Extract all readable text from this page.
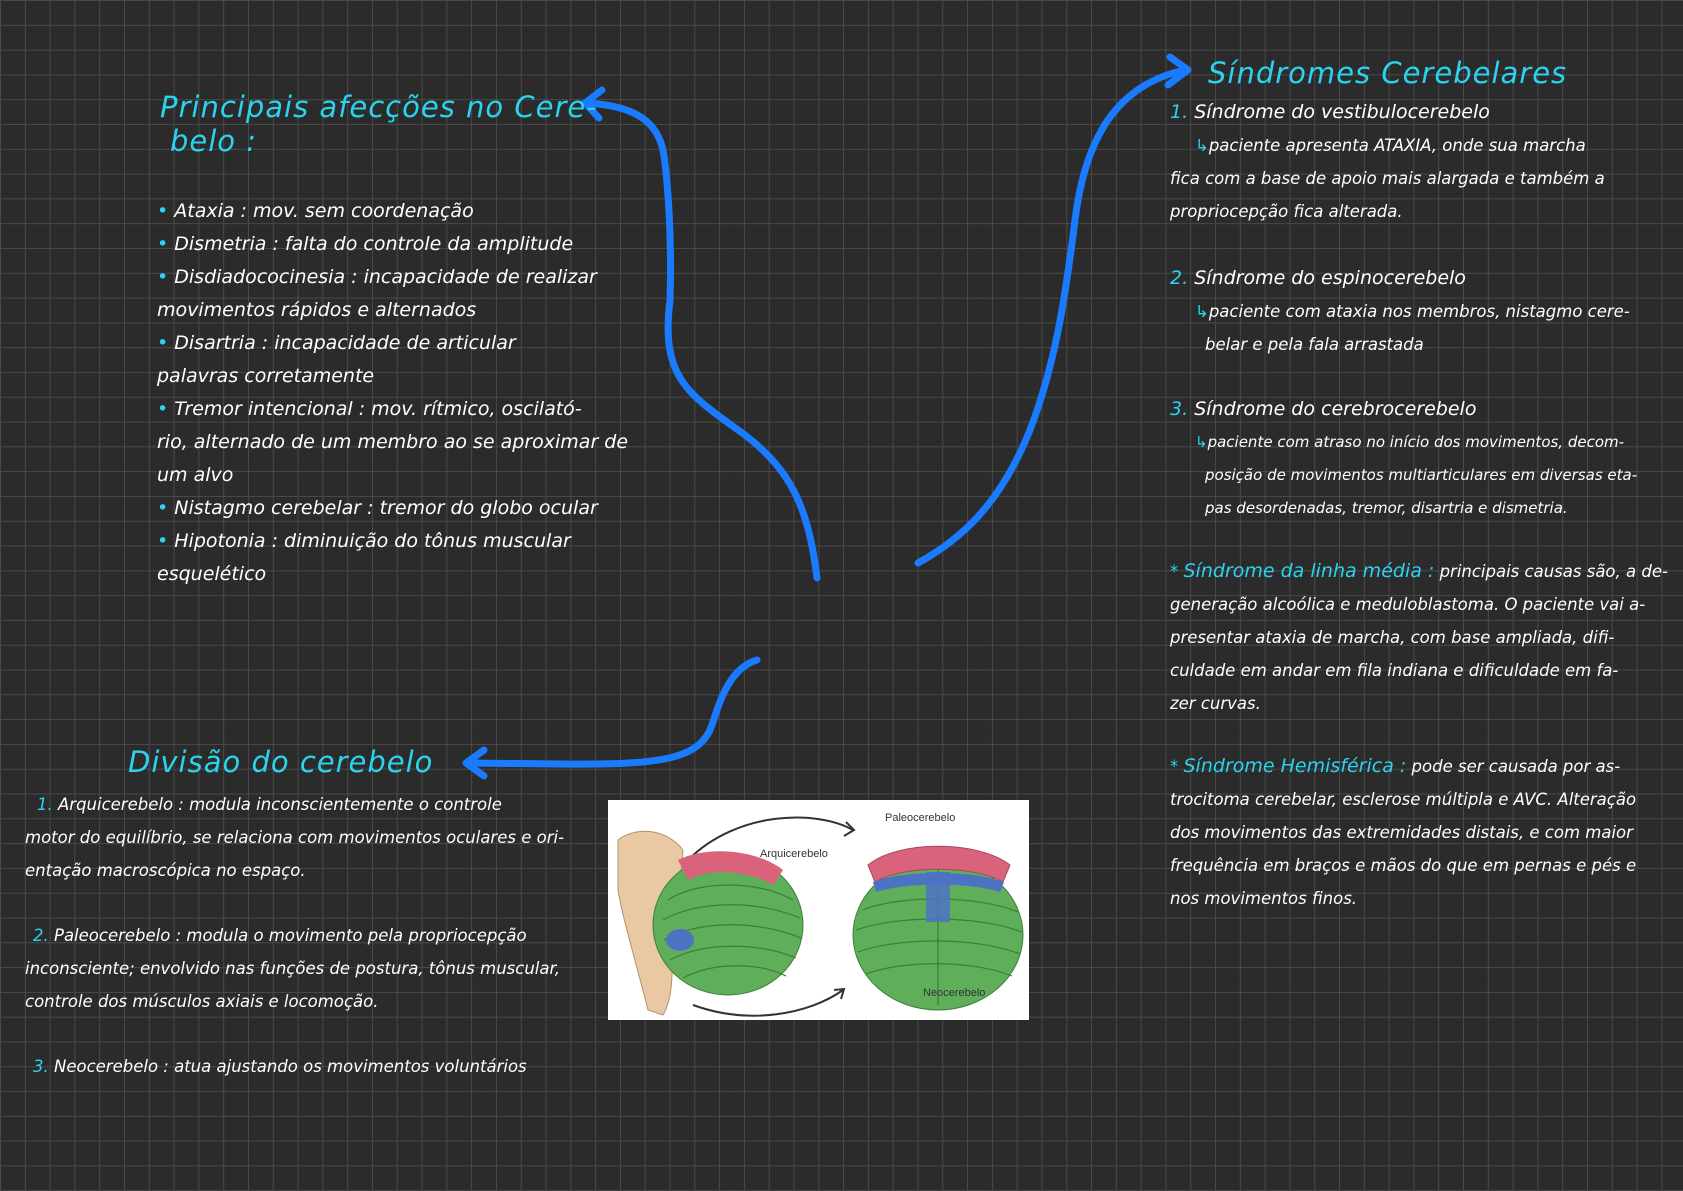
Principais afecções no Cere-
belo :
• Ataxia : mov. sem coordenação
• Dismetria : falta do controle da amplitude
• Disdiadococinesia : incapacidade de realizar
movimentos rápidos e alternados
• Disartria : incapacidade de articular
palavras corretamente
• Tremor intencional : mov. rítmico, oscilató-
rio, alternado de um membro ao se aproximar de
um alvo
• Nistagmo cerebelar : tremor do globo ocular
• Hipotonia : diminuição do tônus muscular
esquelético
Divisão do cerebelo
1. Arquicerebelo : modula inconscientemente o controle
motor do equilíbrio, se relaciona com movimentos oculares e ori-
entação macroscópica no espaço.
2. Paleocerebelo : modula o movimento pela propriocepção
inconsciente; envolvido nas funções de postura, tônus muscular,
controle dos músculos axiais e locomoção.
3. Neocerebelo : atua ajustando os movimentos voluntários
Paleocerebelo
Arquicerebelo
Neocerebelo
Síndromes Cerebelares
1. Síndrome do vestibulocerebelo
↳paciente apresenta ATAXIA, onde sua marcha
fica com a base de apoio mais alargada e também a
propriocepção fica alterada.
2. Síndrome do espinocerebelo
↳paciente com ataxia nos membros, nistagmo cere-
belar e pela fala arrastada
3. Síndrome do cerebrocerebelo
↳paciente com atraso no início dos movimentos, decom-
posição de movimentos multiarticulares em diversas eta-
pas desordenadas, tremor, disartria e dismetria.
* Síndrome da linha média : principais causas são, a de-
generação alcoólica e meduloblastoma. O paciente vai a-
presentar ataxia de marcha, com base ampliada, difi-
culdade em andar em fila indiana e dificuldade em fa-
zer curvas.
* Síndrome Hemisférica : pode ser causada por as-
trocitoma cerebelar, esclerose múltipla e AVC. Alteração
dos movimentos das extremidades distais, e com maior
frequência em braços e mãos do que em pernas e pés e
nos movimentos finos.
